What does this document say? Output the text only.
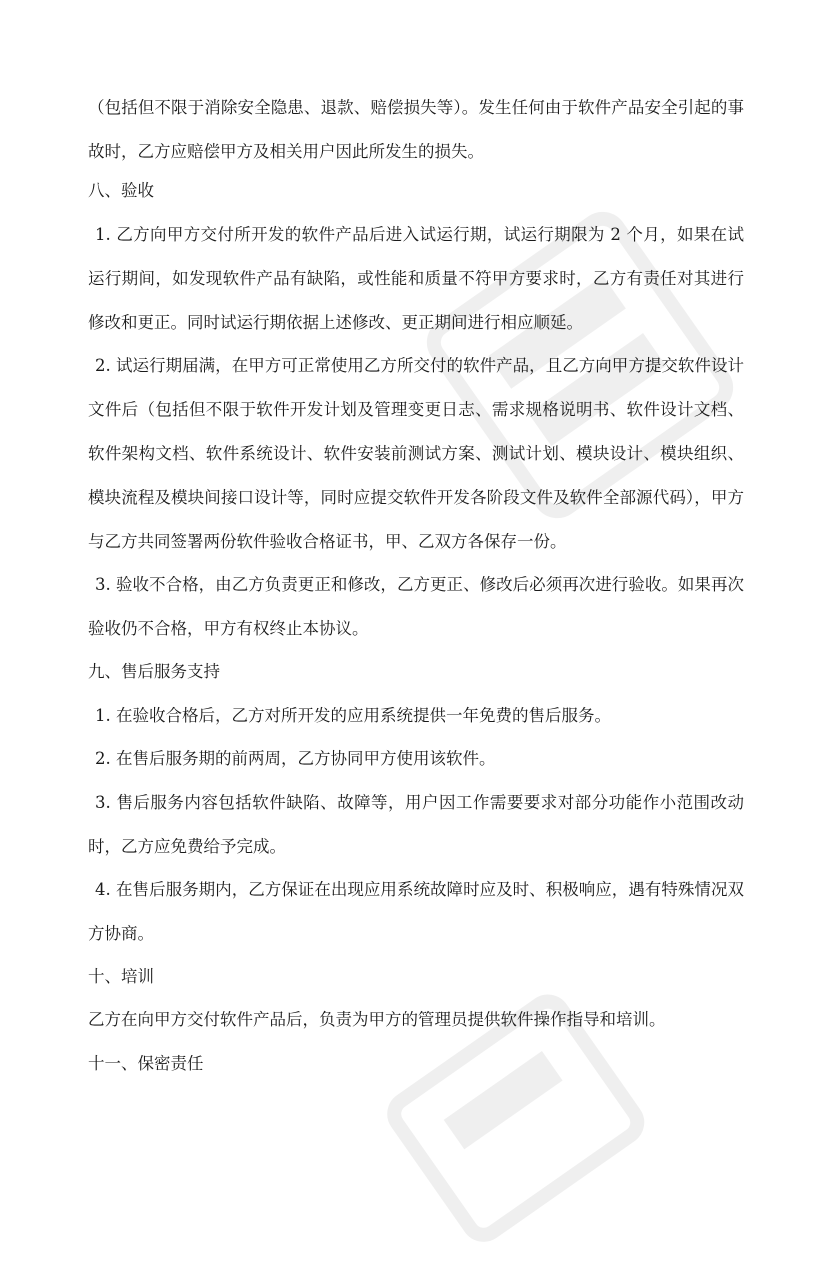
（包括但不限于消除安全隐患、退款、赔偿损失等）。发生任何由于软件产品安全引起的事故时，乙方应赔偿甲方及相关用户因此所发生的损失。

八、验收

1. 乙方向甲方交付所开发的软件产品后进入试运行期，试运行期限为 2 个月，如果在试运行期间，如发现软件产品有缺陷，或性能和质量不符甲方要求时，乙方有责任对其进行修改和更正。同时试运行期依据上述修改、更正期间进行相应顺延。

2. 试运行期届满，在甲方可正常使用乙方所交付的软件产品，且乙方向甲方提交软件设计文件后（包括但不限于软件开发计划及管理变更日志、需求规格说明书、软件设计文档、软件架构文档、软件系统设计、软件安装前测试方案、测试计划、模块设计、模块组织、模块流程及模块间接口设计等，同时应提交软件开发各阶段文件及软件全部源代码），甲方与乙方共同签署两份软件验收合格证书，甲、乙双方各保存一份。

3. 验收不合格，由乙方负责更正和修改，乙方更正、修改后必须再次进行验收。如果再次验收仍不合格，甲方有权终止本协议。

九、售后服务支持

1. 在验收合格后，乙方对所开发的应用系统提供一年免费的售后服务。

2. 在售后服务期的前两周，乙方协同甲方使用该软件。

3. 售后服务内容包括软件缺陷、故障等，用户因工作需要要求对部分功能作小范围改动时，乙方应免费给予完成。

4. 在售后服务期内，乙方保证在出现应用系统故障时应及时、积极响应，遇有特殊情况双方协商。

十、培训

乙方在向甲方交付软件产品后，负责为甲方的管理员提供软件操作指导和培训。

十一、保密责任
